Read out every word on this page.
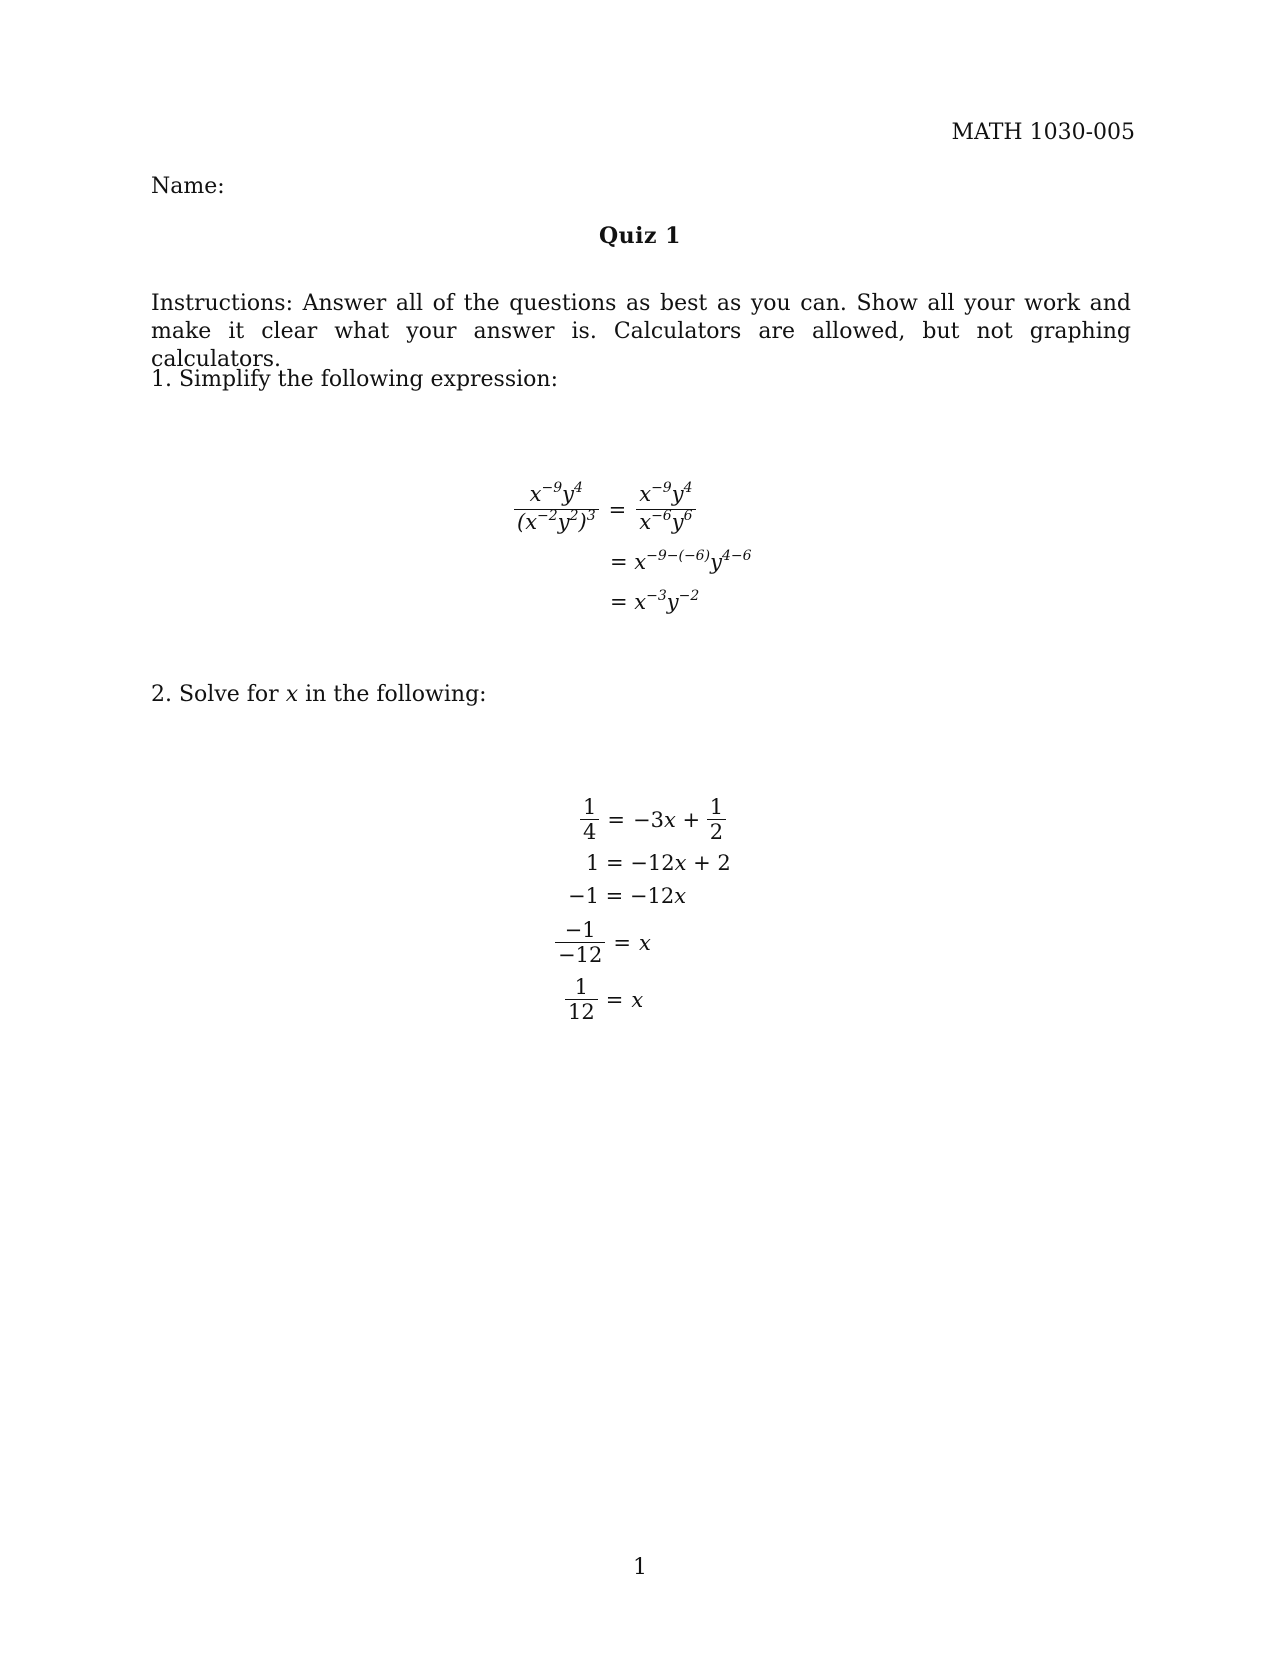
MATH 1030-005
Name:
Quiz 1
Instructions: Answer all of the questions as best as you can. Show all your work and make it clear what your answer is. Calculators are allowed, but not graphing calculators.
1. Simplify the following expression:
$\frac{x^{-9}y^4}{(x^{-2}y^2)^3} = \frac{x^{-9}y^4}{x^{-6}y^6}$
= $x^{-9-(-6)}y^{4-6}$
= $x^{-3}y^{-2}$
2. Solve for x in the following:
$\frac{1}{4} = -3x + \frac{1}{2}$
1 = −12x + 2
−1 = −12x
$\frac{-1}{-12} = x$
$\frac{1}{12} = x$
1
